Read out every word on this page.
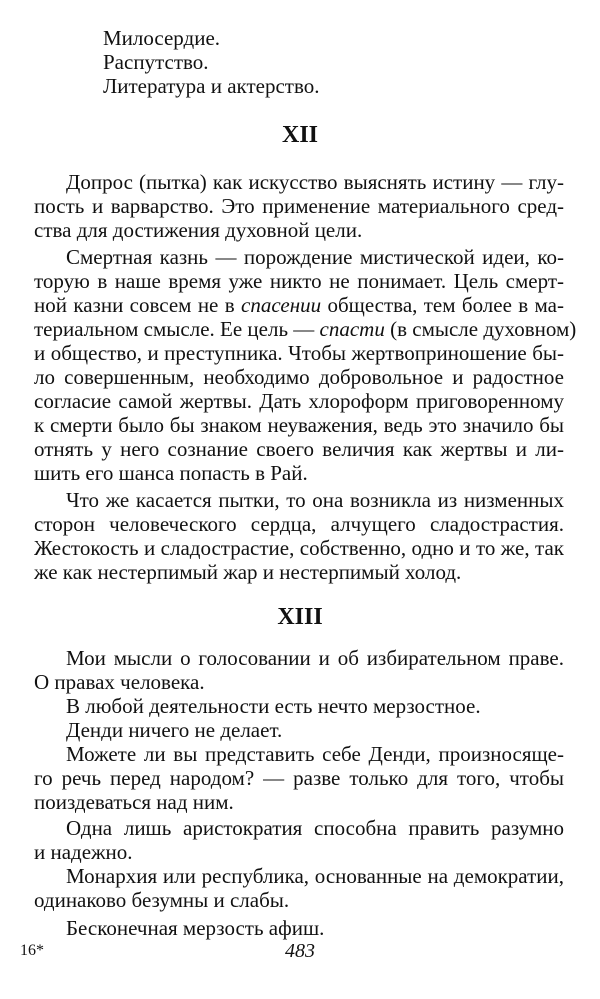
Милосердие.
Распутство.
Литература и актерство.
XII
Допрос (пытка) как искусство выяснять истину — глу-
пость и варварство. Это применение материального сред-
ства для достижения духовной цели.
Смертная казнь — порождение мистической идеи, ко-
торую в наше время уже никто не понимает. Цель смерт-
ной казни совсем не в спасении общества, тем более в ма-
териальном смысле. Ее цель — спасти (в смысле духовном)
и общество, и преступника. Чтобы жертвоприношение бы-
ло совершенным, необходимо добровольное и радостное
согласие самой жертвы. Дать хлороформ приговоренному
к смерти было бы знаком неуважения, ведь это значило бы
отнять у него сознание своего величия как жертвы и ли-
шить его шанса попасть в Рай.
Что же касается пытки, то она возникла из низменных
сторон человеческого сердца, алчущего сладострастия.
Жестокость и сладострастие, собственно, одно и то же, так
же как нестерпимый жар и нестерпимый холод.
XIII
Мои мысли о голосовании и об избирательном праве.
О правах человека.
В любой деятельности есть нечто мерзостное.
Денди ничего не делает.
Можете ли вы представить себе Денди, произносяще-
го речь перед народом? — разве только для того, чтобы
поиздеваться над ним.
Одна лишь аристократия способна править разумно
и надежно.
Монархия или республика, основанные на демократии,
одинаково безумны и слабы.
Бесконечная мерзость афиш.
16*	483
